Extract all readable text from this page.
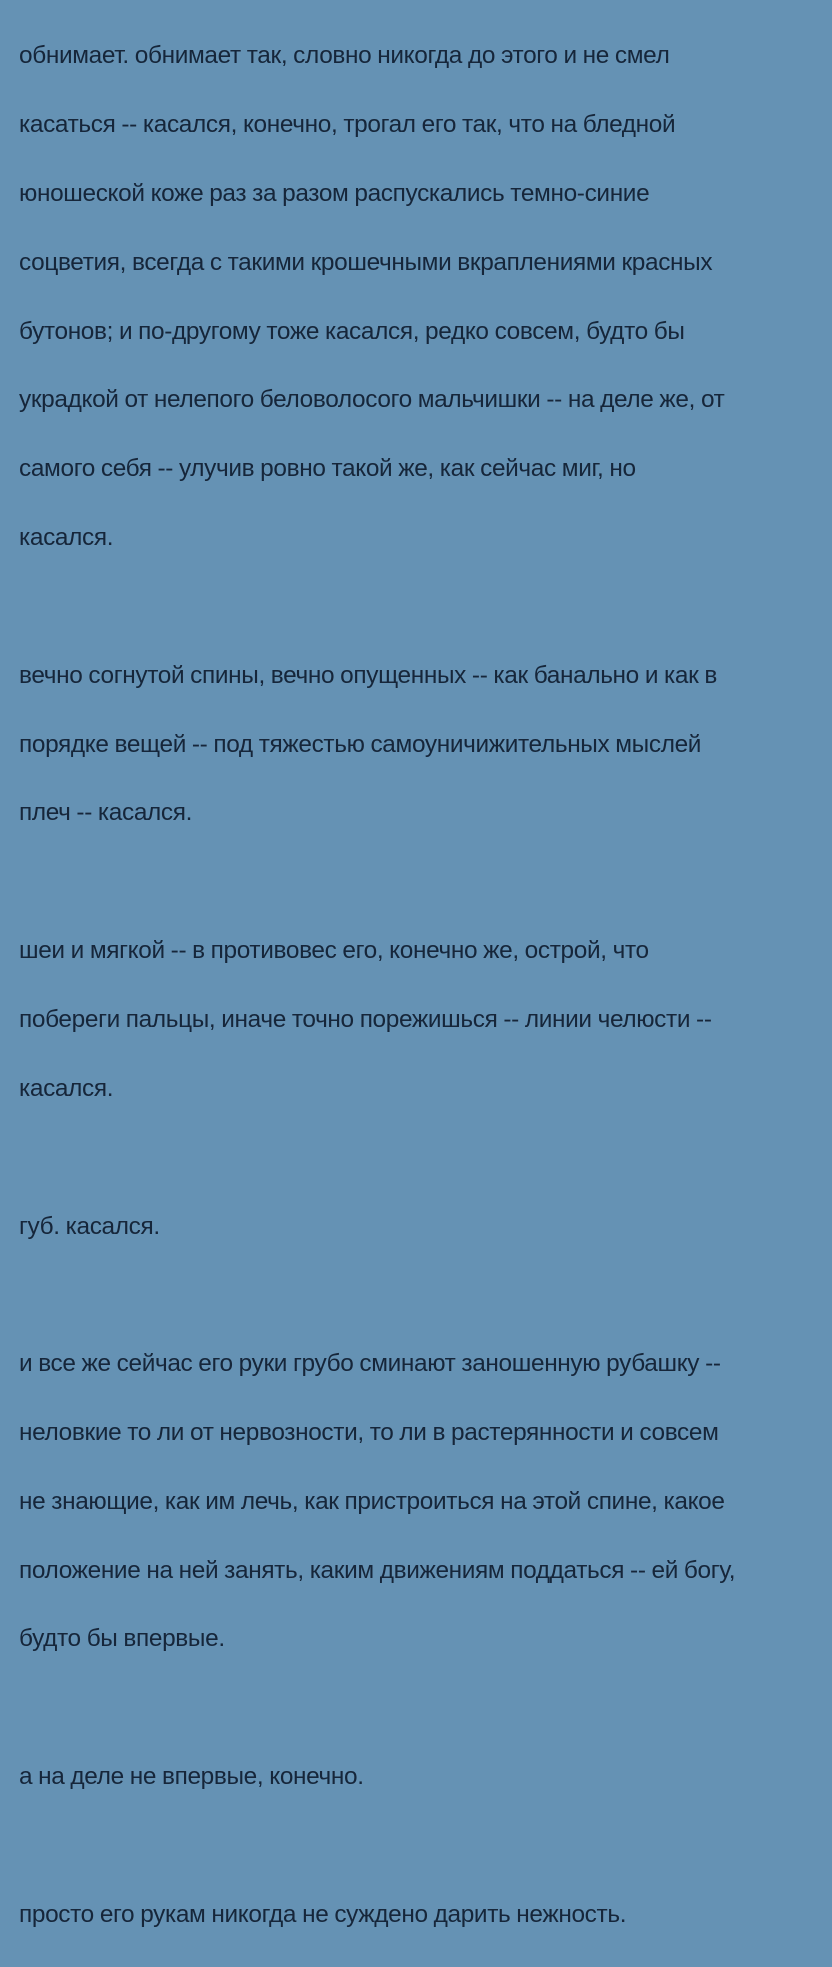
обнимает. обнимает так, словно никогда до этого и не смел

касаться -- касался, конечно, трогал его так, что на бледной

юношеской коже раз за разом распускались темно-синие

соцветия, всегда с такими крошечными вкраплениями красных

бутонов; и по-другому тоже касался, редко совсем, будто бы

украдкой от нелепого беловолосого мальчишки -- на деле же, от

самого себя -- улучив ровно такой же, как сейчас миг, но

касался.

вечно согнутой спины, вечно опущенных -- как банально и как в

порядке вещей -- под тяжестью самоуничижительных мыслей

плеч -- касался.

шеи и мягкой -- в противовес его, конечно же, острой, что

побереги пальцы, иначе точно порежишься -- линии челюсти --

касался.

губ. касался.

и все же сейчас его руки грубо сминают заношенную рубашку --

неловкие то ли от нервозности, то ли в растерянности и совсем

не знающие, как им лечь, как пристроиться на этой спине, какое

положение на ней занять, каким движениям поддаться -- ей богу,

будто бы впервые.

а на деле не впервые, конечно.

просто его рукам никогда не суждено дарить нежность.
